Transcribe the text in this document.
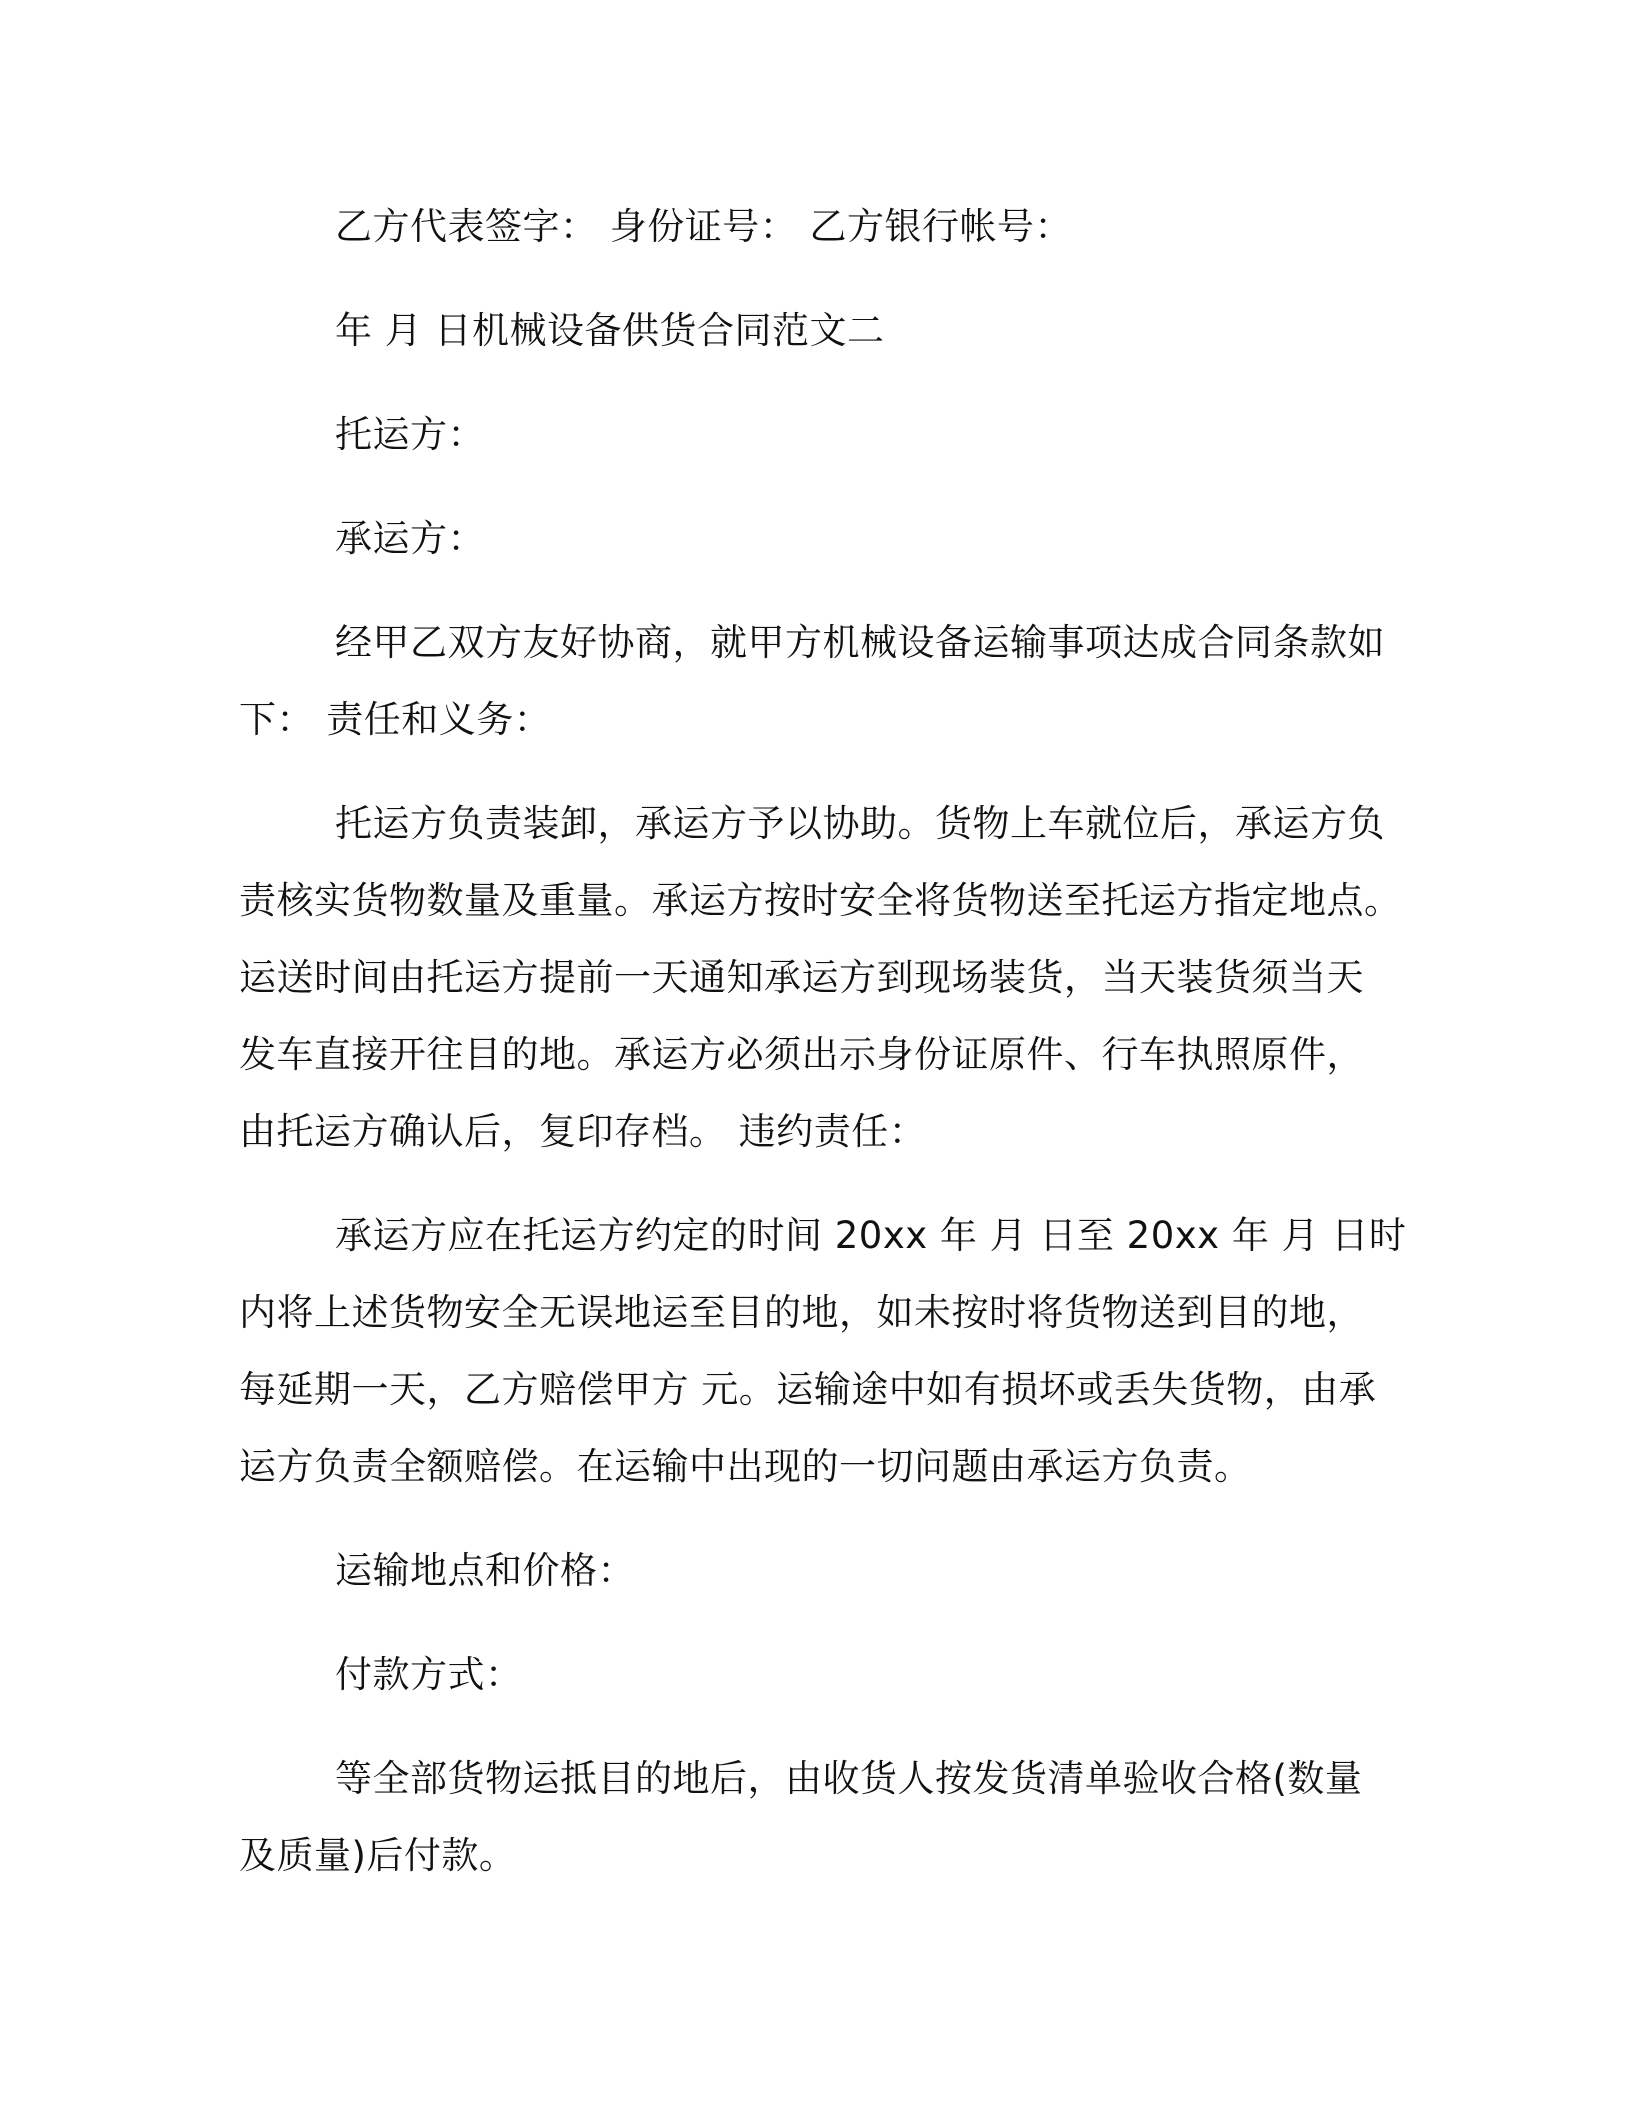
乙方代表签字： 身份证号： 乙方银行帐号：

年 月 日机械设备供货合同范文二

托运方：

承运方：

经甲乙双方友好协商，就甲方机械设备运输事项达成合同条款如

下： 责任和义务：

托运方负责装卸，承运方予以协助。货物上车就位后，承运方负

责核实货物数量及重量。承运方按时安全将货物送至托运方指定地点。

运送时间由托运方提前一天通知承运方到现场装货，当天装货须当天

发车直接开往目的地。承运方必须出示身份证原件、行车执照原件，

由托运方确认后，复印存档。 违约责任：

承运方应在托运方约定的时间 20xx 年 月 日至 20xx 年 月 日时

内将上述货物安全无误地运至目的地，如未按时将货物送到目的地，

每延期一天，乙方赔偿甲方 元。运输途中如有损坏或丢失货物，由承

运方负责全额赔偿。在运输中出现的一切问题由承运方负责。

运输地点和价格：

付款方式：

等全部货物运抵目的地后，由收货人按发货清单验收合格(数量

及质量)后付款。
